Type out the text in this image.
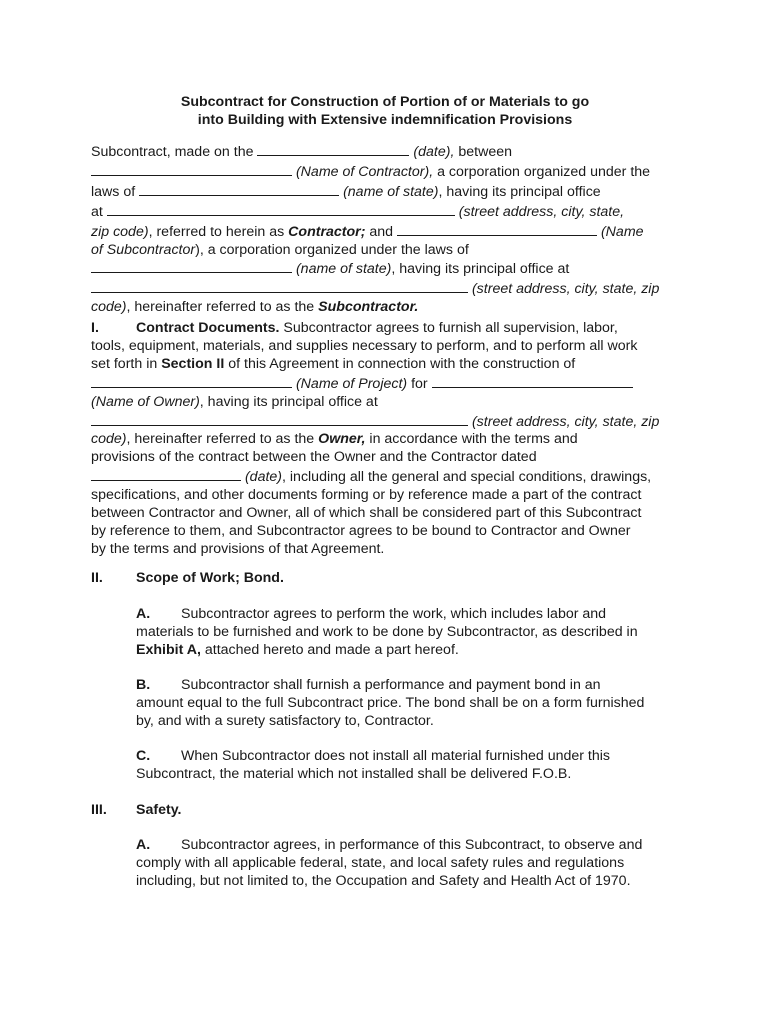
Subcontract for Construction of Portion of or Materials to go
into Building with Extensive indemnification Provisions
Subcontract, made on the	(date), between
(Name of Contractor), a corporation organized under the
laws of	(name of state), having its principal office
at	(street address, city, state,
zip code), referred to herein as Contractor; and	(Name
of Subcontractor), a corporation organized under the laws of
(name of state), having its principal office at
(street address, city, state, zip
code), hereinafter referred to as the Subcontractor.
I.	Contract Documents. Subcontractor agrees to furnish all supervision, labor,
tools, equipment, materials, and supplies necessary to perform, and to perform all work
set forth in Section II of this Agreement in connection with the construction of
(Name of Project) for
(Name of Owner), having its principal office at
(street address, city, state, zip
code), hereinafter referred to as the Owner, in accordance with the terms and
provisions of the contract between the Owner and the Contractor dated
(date), including all the general and special conditions, drawings,
specifications, and other documents forming or by reference made a part of the contract
between Contractor and Owner, all of which shall be considered part of this Subcontract
by reference to them, and Subcontractor agrees to be bound to Contractor and Owner
by the terms and provisions of that Agreement.
II. Scope of Work; Bond.
A. Subcontractor agrees to perform the work, which includes labor and
materials to be furnished and work to be done by Subcontractor, as described in
Exhibit A, attached hereto and made a part hereof.
B. Subcontractor shall furnish a performance and payment bond in an
amount equal to the full Subcontract price. The bond shall be on a form furnished
by, and with a surety satisfactory to, Contractor.
C. When Subcontractor does not install all material furnished under this
Subcontract, the material which not installed shall be delivered F.O.B.
III. Safety.
A. Subcontractor agrees, in performance of this Subcontract, to observe and
comply with all applicable federal, state, and local safety rules and regulations
including, but not limited to, the Occupation and Safety and Health Act of 1970.
